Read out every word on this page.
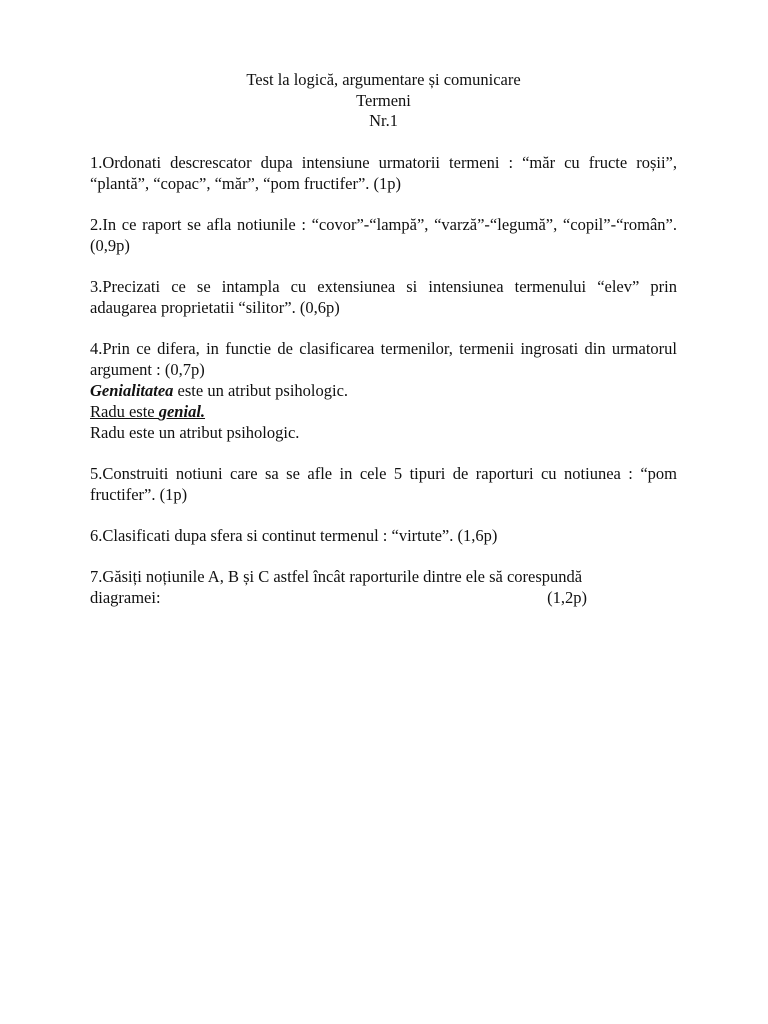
Test la logică, argumentare și comunicare
Termeni
Nr.1

1.Ordonati descrescator dupa intensiune urmatorii termeni : “măr cu fructe roșii”, “plantă”, “copac”, “măr”, “pom fructifer”. (1p)

2.In ce raport se afla notiunile : “covor”-“lampă”, “varză”-“legumă”, “copil”-“român”. (0,9p)

3.Precizati ce se intampla cu extensiunea si intensiunea termenului “elev” prin adaugarea proprietatii “silitor”. (0,6p)

4.Prin ce difera, in functie de clasificarea termenilor, termenii ingrosati din urmatorul argument : (0,7p)

Genialitatea este un atribut psihologic.

Radu este genial.

Radu este un atribut psihologic.

5.Construiti notiuni care sa se afle in cele 5 tipuri de raporturi cu notiunea : “pom fructifer”. (1p)

6.Clasificati dupa sfera si continut termenul : “virtute”. (1,6p)

7.Găsiți noțiunile A, B și C astfel încât raporturile dintre ele să corespundă

diagramei:	(1,2p)
